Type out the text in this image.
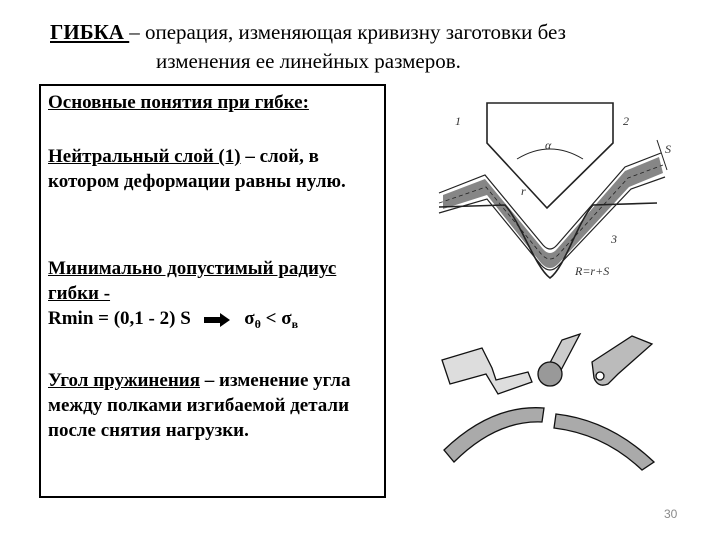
ГИБКА – операция, изменяющая кривизну заготовки без
изменения ее линейных размеров.

Основные понятия при гибке:

Нейтральный слой (1) – слой, в котором деформации равны нулю.

Минимально допустимый радиус гибки -
Rmin = (0,1 - 2) S	$\sigma_\theta < \sigma_в$

Угол пружинения – изменение угла между полками изгибаемой детали после снятия нагрузки.

1	2
3
α	S
r
R=r+S
30
